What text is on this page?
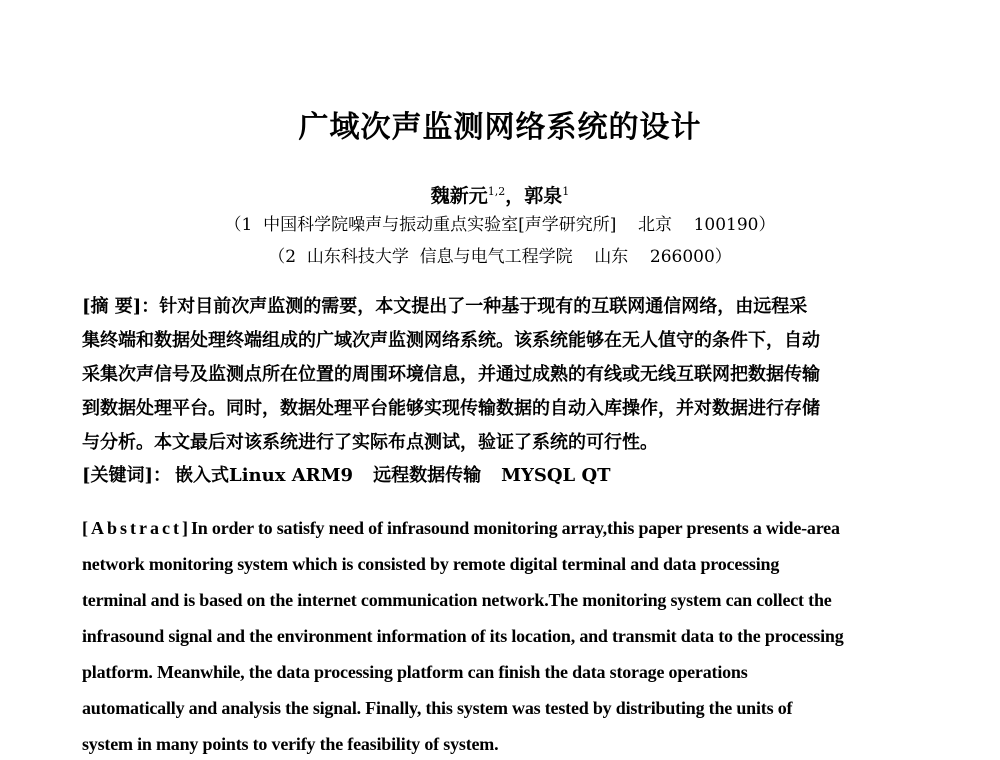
广域次声监测网络系统的设计
魏新元$^{1,2}$，郭泉$^1$
（1  中国科学院噪声与振动重点实验室[声学研究所]    北京    100190）
（2  山东科技大学  信息与电气工程学院    山东    266000）
[摘 要]：针对目前次声监测的需要，本文提出了一种基于现有的互联网通信网络，由远程采
集终端和数据处理终端组成的广域次声监测网络系统。该系统能够在无人值守的条件下，自动
采集次声信号及监测点所在位置的周围环境信息，并通过成熟的有线或无线互联网把数据传输
到数据处理平台。同时，数据处理平台能够实现传输数据的自动入库操作，并对数据进行存储
与分析。本文最后对该系统进行了实际布点测试，验证了系统的可行性。
[关键词]： 嵌入式Linux ARM9 远程数据传输 MYSQL QT
[Abstract]In order to satisfy need of infrasound monitoring array,this paper presents a wide-area
network monitoring system which is consisted by remote digital terminal and data processing
terminal and is based on the internet communication network.The monitoring system can collect the
infrasound signal and the environment information of its location, and transmit data to the processing
platform. Meanwhile, the data processing platform can finish the data storage operations
automatically and analysis the signal. Finally, this system was tested by distributing the units of
system in many points to verify the feasibility of system.
